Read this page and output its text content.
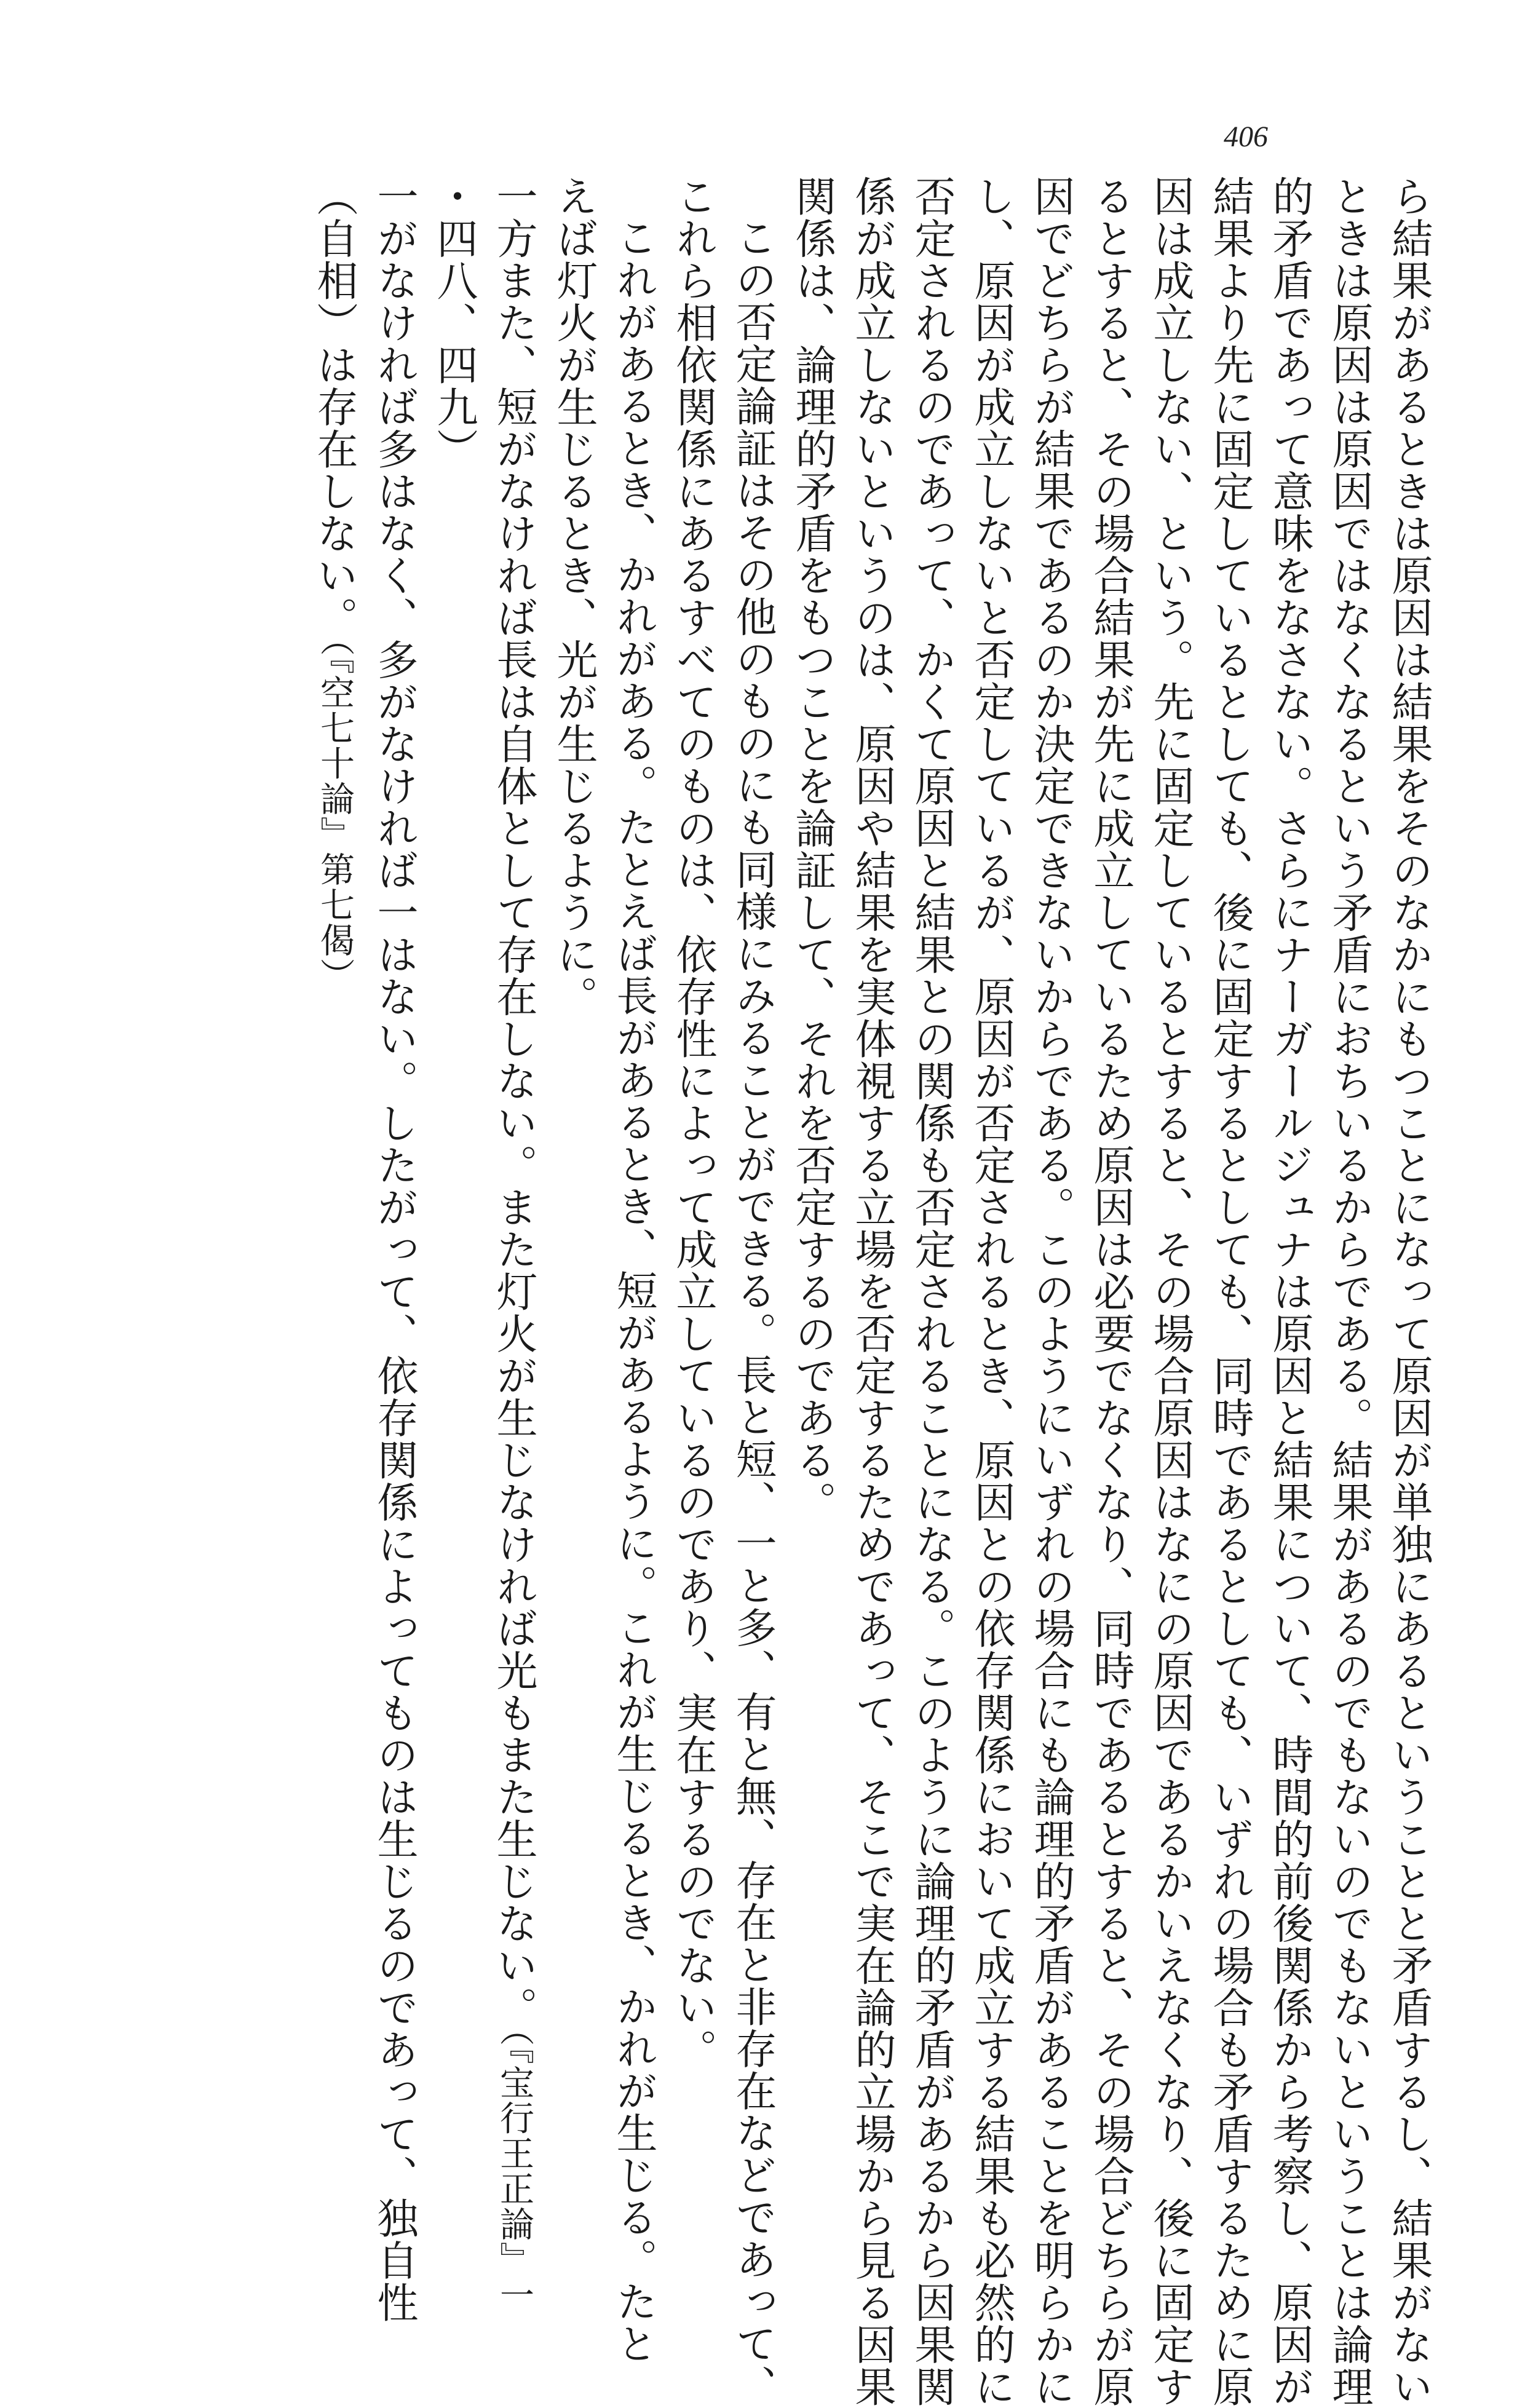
406
ら結果があるときは原因は結果をそのなかにもつことになって原因が単独にあるということと矛盾するし、結果がない
ときは原因は原因ではなくなるという矛盾におちいるからである。結果があるのでもないのでもないということは論理
的矛盾であって意味をなさない。さらにナーガールジュナは原因と結果について、時間的前後関係から考察し、原因が
結果より先に固定しているとしても、後に固定するとしても、同時であるとしても、いずれの場合も矛盾するために原
因は成立しない、という。先に固定しているとすると、その場合原因はなにの原因であるかいえなくなり、後に固定す
るとすると、その場合結果が先に成立しているため原因は必要でなくなり、同時であるとすると、その場合どちらが原
因でどちらが結果であるのか決定できないからである。このようにいずれの場合にも論理的矛盾があることを明らかに
し、原因が成立しないと否定しているが、原因が否定されるとき、原因との依存関係において成立する結果も必然的に
否定されるのであって、かくて原因と結果との関係も否定されることになる。このように論理的矛盾があるから因果関
係が成立しないというのは、原因や結果を実体視する立場を否定するためであって、そこで実在論的立場から見る因果
関係は、論理的矛盾をもつことを論証して、それを否定するのである。
この否定論証はその他のものにも同様にみることができる。長と短、一と多、有と無、存在と非存在などであって、
これら相依関係にあるすべてのものは、依存性によって成立しているのであり、実在するのでない。
これがあるとき、かれがある。たとえば長があるとき、短があるように。これが生じるとき、かれが生じる。たと
えば灯火が生じるとき、光が生じるように。
一方また、短がなければ長は自体として存在しない。また灯火が生じなければ光もまた生じない。（『宝行王正論』一
・四八、四九）
一がなければ多はなく、多がなければ一はない。したがって、依存関係によってものは生じるのであって、独自性
（自相）は存在しない。（『空七十論』第七偈）
